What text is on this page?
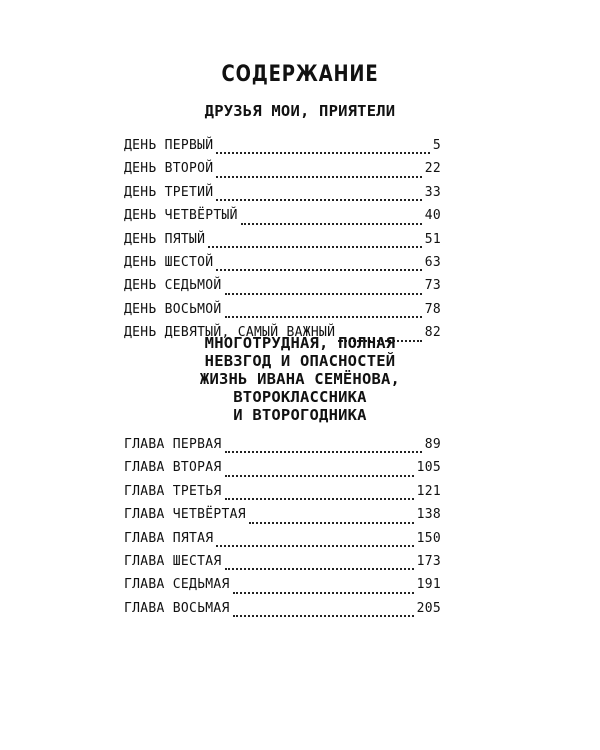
СОДЕРЖАНИЕ
ДРУЗЬЯ МОИ, ПРИЯТЕЛИ
ДЕНЬ ПЕРВЫЙ	5
ДЕНЬ ВТОРОЙ	22
ДЕНЬ ТРЕТИЙ	33
ДЕНЬ ЧЕТВЁРТЫЙ	40
ДЕНЬ ПЯТЫЙ	51
ДЕНЬ ШЕСТОЙ	63
ДЕНЬ СЕДЬМОЙ	73
ДЕНЬ ВОСЬМОЙ	78
ДЕНЬ ДЕВЯТЫЙ, САМЫЙ ВАЖНЫЙ	82
МНОГОТРУДНАЯ, ПОЛНАЯ
НЕВЗГОД И ОПАСНОСТЕЙ
ЖИЗНЬ ИВАНА СЕМЁНОВА,
ВТОРОКЛАССНИКА
И ВТОРОГОДНИКА
ГЛАВА ПЕРВАЯ	89
ГЛАВА ВТОРАЯ	105
ГЛАВА ТРЕТЬЯ	121
ГЛАВА ЧЕТВЁРТАЯ	138
ГЛАВА ПЯТАЯ	150
ГЛАВА ШЕСТАЯ	173
ГЛАВА СЕДЬМАЯ	191
ГЛАВА ВОСЬМАЯ	205
